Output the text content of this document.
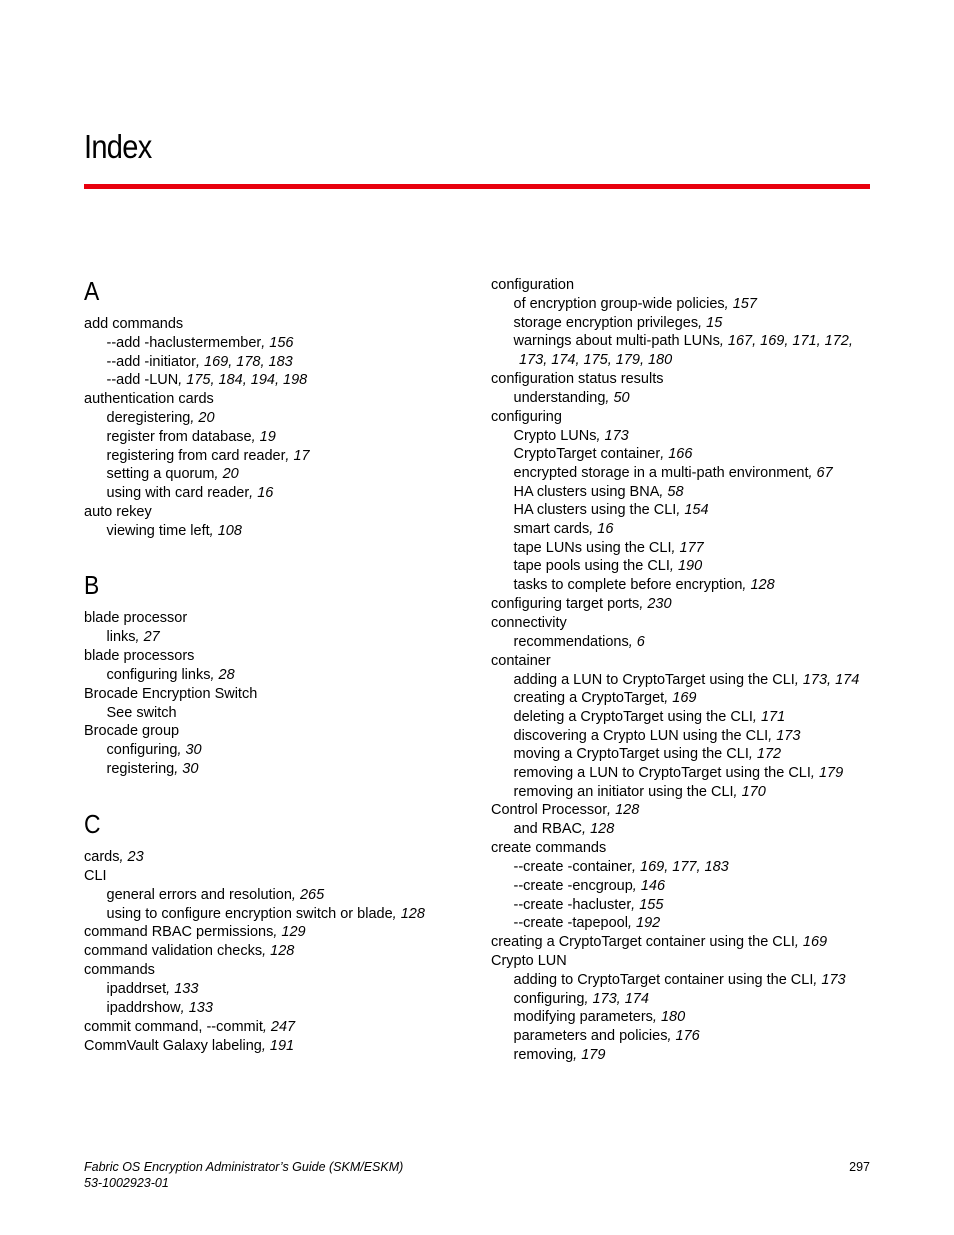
Index
A
add commands
--add -haclustermember, 156
--add -initiator, 169, 178, 183
--add -LUN, 175, 184, 194, 198
authentication cards
deregistering, 20
register from database, 19
registering from card reader, 17
setting a quorum, 20
using with card reader, 16
auto rekey
viewing time left, 108
B
blade processor
links, 27
blade processors
configuring links, 28
Brocade Encryption Switch
See switch
Brocade group
configuring, 30
registering, 30
C
cards, 23
CLI
general errors and resolution, 265
using to configure encryption switch or blade, 128
command RBAC permissions, 129
command validation checks, 128
commands
ipaddrset, 133
ipaddrshow, 133
commit command, --commit, 247
CommVault Galaxy labeling, 191
configuration
of encryption group-wide policies, 157
storage encryption privileges, 15
warnings about multi-path LUNs, 167, 169, 171, 172,
173, 174, 175, 179, 180
configuration status results
understanding, 50
configuring
Crypto LUNs, 173
CryptoTarget container, 166
encrypted storage in a multi-path environment, 67
HA clusters using BNA, 58
HA clusters using the CLI, 154
smart cards, 16
tape LUNs using the CLI, 177
tape pools using the CLI, 190
tasks to complete before encryption, 128
configuring target ports, 230
connectivity
recommendations, 6
container
adding a LUN to CryptoTarget using the CLI, 173, 174
creating a CryptoTarget, 169
deleting a CryptoTarget using the CLI, 171
discovering a Crypto LUN using the CLI, 173
moving a CryptoTarget using the CLI, 172
removing a LUN to CryptoTarget using the CLI, 179
removing an initiator using the CLI, 170
Control Processor, 128
and RBAC, 128
create commands
--create -container, 169, 177, 183
--create -encgroup, 146
--create -hacluster, 155
--create -tapepool, 192
creating a CryptoTarget container using the CLI, 169
Crypto LUN
adding to CryptoTarget container using the CLI, 173
configuring, 173, 174
modifying parameters, 180
parameters and policies, 176
removing, 179
Fabric OS Encryption Administrator’s Guide (SKM/ESKM)
53-1002923-01
297
